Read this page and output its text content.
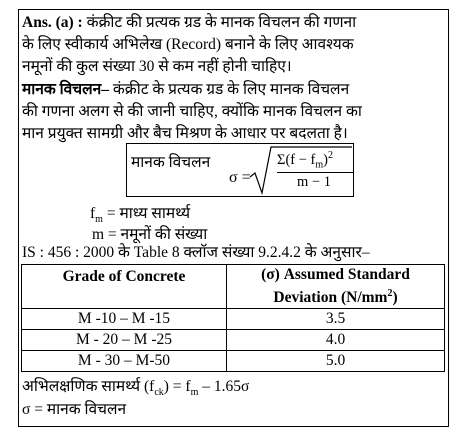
Ans. (a) : कंक्रीट की प्रत्यक ग्रड के मानक विचलन की गणना
के लिए स्वीकार्य अभिलेख (Record) बनाने के लिए आवश्यक
नमूनों की कुल संख्या 30 से कम नहीं होनी चाहिए।
मानक विचलन– कंक्रीट के प्रत्यक ग्रड के लिए मानक विचलन
की गणना अलग से की जानी चाहिए, क्योंकि मानक विचलन का
मान प्रयुक्त सामग्री और बैच मिश्रण के आधार पर बदलता है।
मानक विचलन
σ =
$\Sigma(f - f_m)^2$
m − 1
$f_m$ = माध्य सामर्थ्य
m = नमूनों की संख्या
IS : 456 : 2000 के Table 8 क्लॉज संख्या 9.2.4.2 के अनुसार–
Grade of Concrete	(σ) Assumed Standard
Deviation $(N/mm^2)$
M -10 – M -15	3.5
M - 20 – M -25	4.0
M - 30 – M-50	5.0
अभिलक्षणिक सामर्थ्य $(f_{ck}) = f_m - 1.65\sigma$
σ = मानक विचलन
